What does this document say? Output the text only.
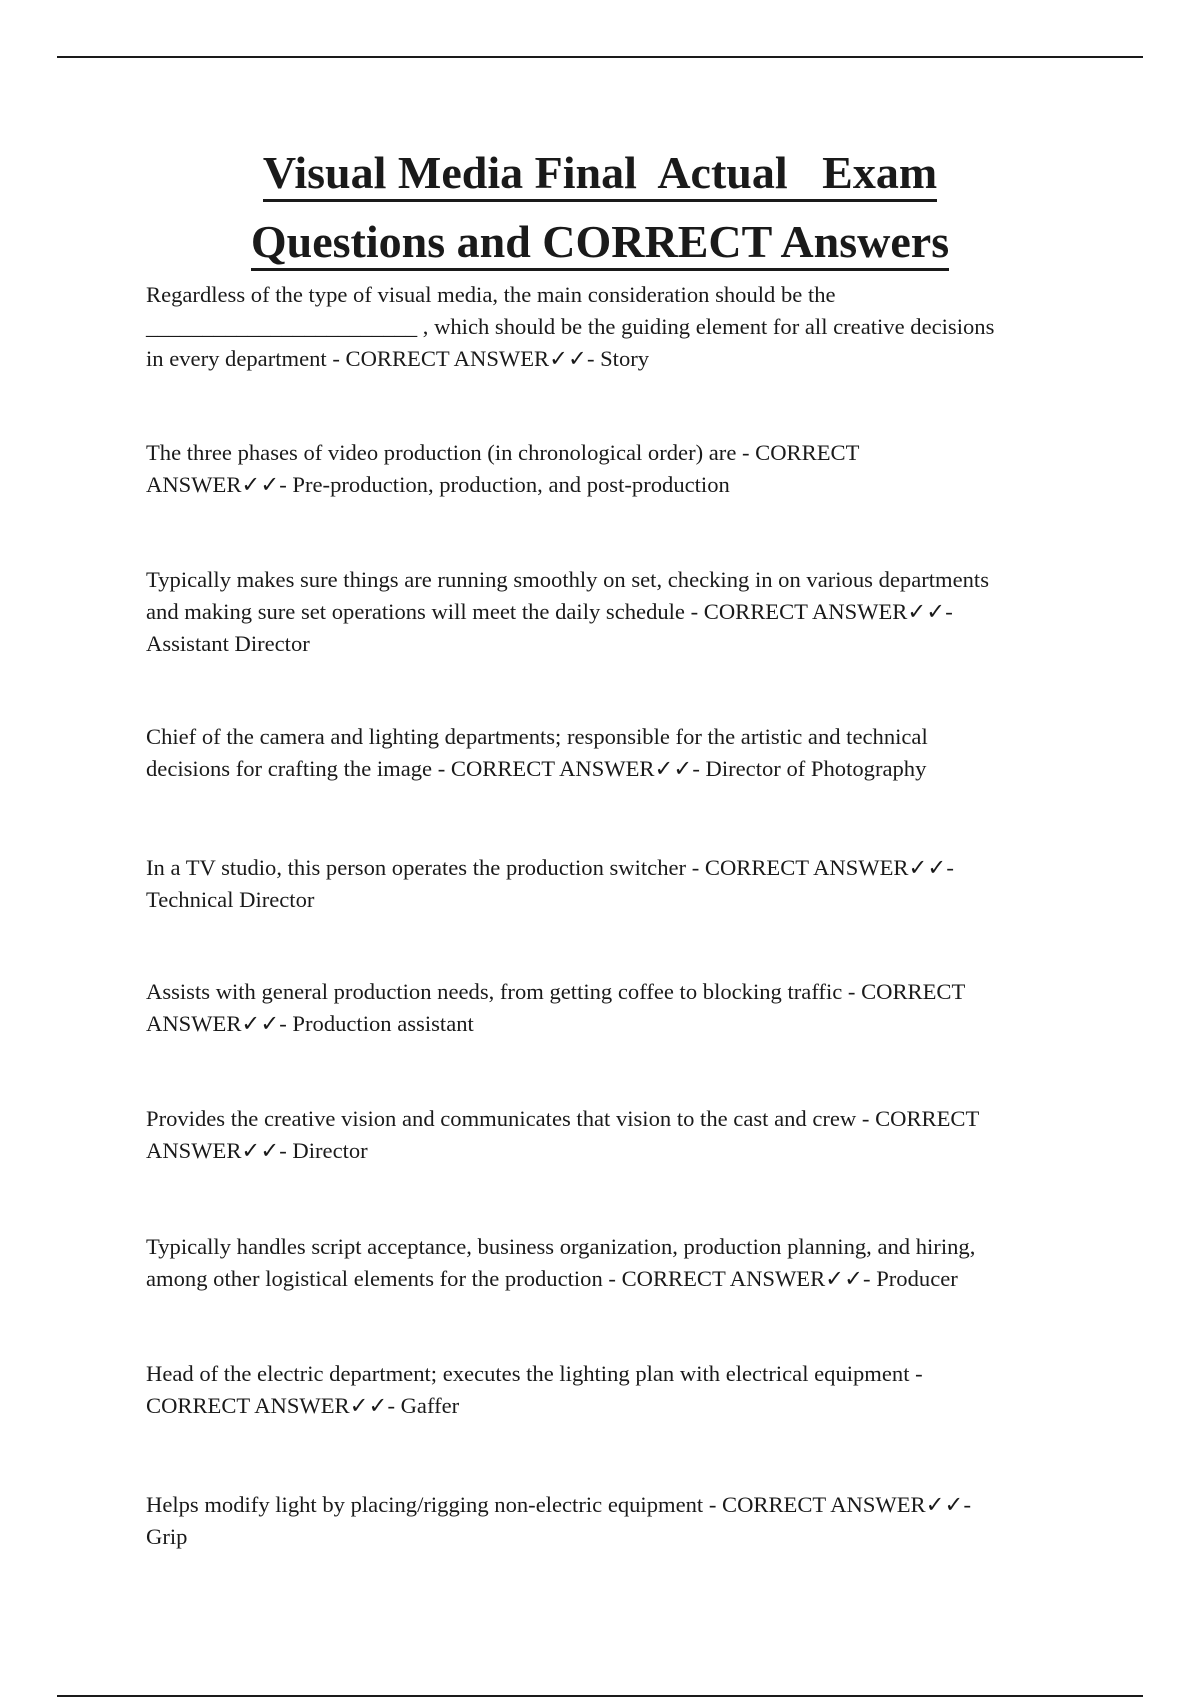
Visual Media Final  Actual   Exam
Questions and CORRECT Answers

Regardless of the type of visual media, the main consideration should be the
________________________ , which should be the guiding element for all creative decisions
in every department - CORRECT ANSWER✓✓- Story

The three phases of video production (in chronological order) are - CORRECT
ANSWER✓✓- Pre-production, production, and post-production

Typically makes sure things are running smoothly on set, checking in on various departments
and making sure set operations will meet the daily schedule - CORRECT ANSWER✓✓-
Assistant Director

Chief of the camera and lighting departments; responsible for the artistic and technical
decisions for crafting the image - CORRECT ANSWER✓✓- Director of Photography

In a TV studio, this person operates the production switcher - CORRECT ANSWER✓✓-
Technical Director

Assists with general production needs, from getting coffee to blocking traffic - CORRECT
ANSWER✓✓- Production assistant

Provides the creative vision and communicates that vision to the cast and crew - CORRECT
ANSWER✓✓- Director

Typically handles script acceptance, business organization, production planning, and hiring,
among other logistical elements for the production - CORRECT ANSWER✓✓- Producer

Head of the electric department; executes the lighting plan with electrical equipment -
CORRECT ANSWER✓✓- Gaffer

Helps modify light by placing/rigging non-electric equipment - CORRECT ANSWER✓✓-
Grip
